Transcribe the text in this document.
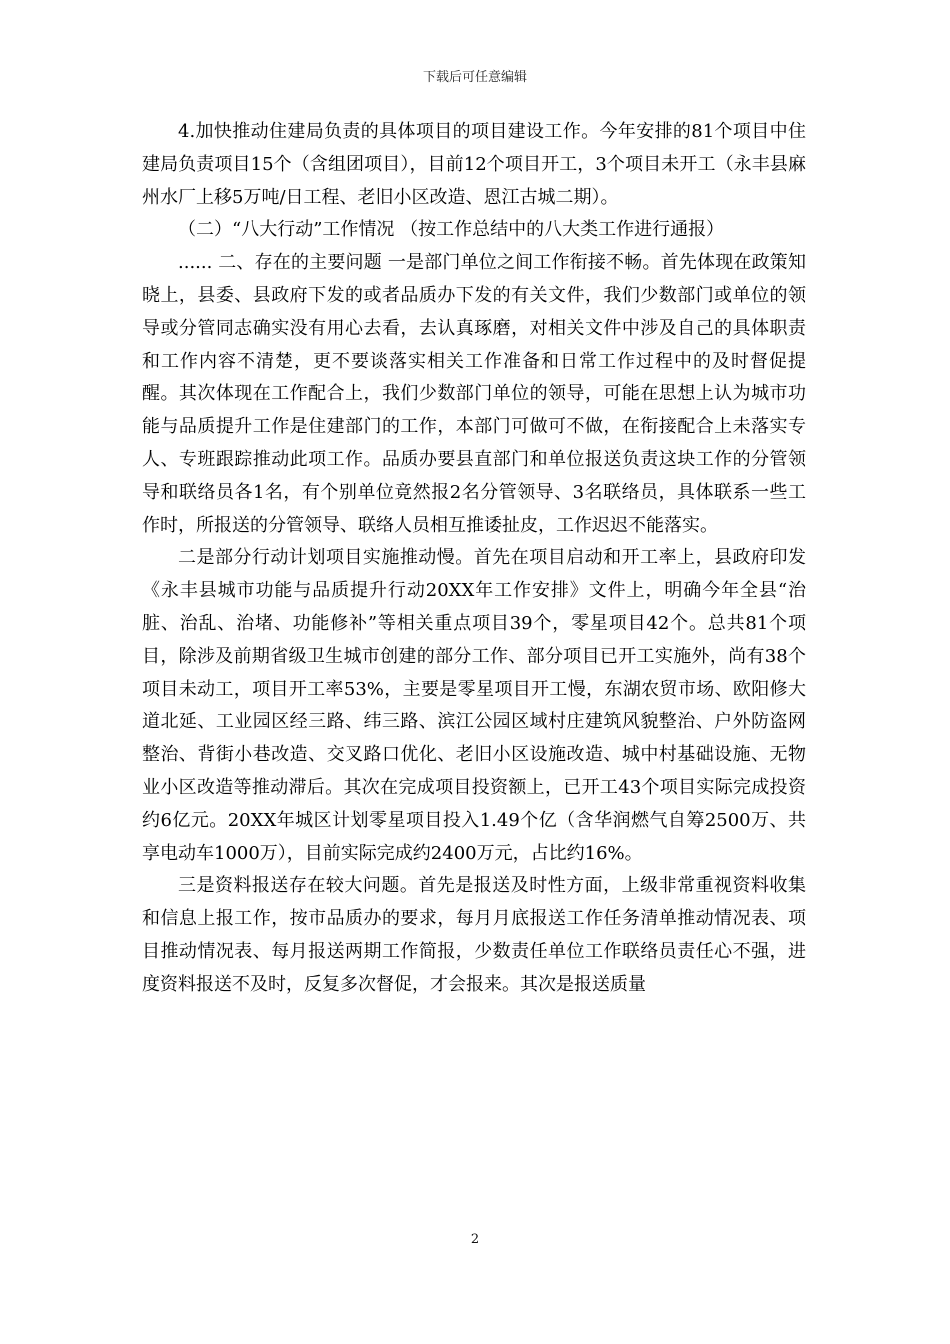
下载后可任意编辑

4.加快推动住建局负责的具体项目的项目建设工作。今年安排的81个项目中住建局负责项目15个（含组团项目），目前12个项目开工，3个项目未开工（永丰县麻州水厂上移5万吨/日工程、老旧小区改造、恩江古城二期）。

（二）“八大行动”工作情况 （按工作总结中的八大类工作进行通报）

...... 二、存在的主要问题 一是部门单位之间工作衔接不畅。首先体现在政策知晓上，县委、县政府下发的或者品质办下发的有关文件，我们少数部门或单位的领导或分管同志确实没有用心去看，去认真琢磨，对相关文件中涉及自己的具体职责和工作内容不清楚，更不要谈落实相关工作准备和日常工作过程中的及时督促提醒。其次体现在工作配合上，我们少数部门单位的领导，可能在思想上认为城市功能与品质提升工作是住建部门的工作，本部门可做可不做，在衔接配合上未落实专人、专班跟踪推动此项工作。品质办要县直部门和单位报送负责这块工作的分管领导和联络员各1名，有个别单位竟然报2名分管领导、3名联络员，具体联系一些工作时，所报送的分管领导、联络人员相互推诿扯皮，工作迟迟不能落实。

二是部分行动计划项目实施推动慢。首先在项目启动和开工率上，县政府印发《永丰县城市功能与品质提升行动20XX年工作安排》文件上，明确今年全县“治脏、治乱、治堵、功能修补”等相关重点项目39个，零星项目42个。总共81个项目，除涉及前期省级卫生城市创建的部分工作、部分项目已开工实施外，尚有38个项目未动工，项目开工率53%，主要是零星项目开工慢，东湖农贸市场、欧阳修大道北延、工业园区经三路、纬三路、滨江公园区域村庄建筑风貌整治、户外防盗网整治、背街小巷改造、交叉路口优化、老旧小区设施改造、城中村基础设施、无物业小区改造等推动滞后。其次在完成项目投资额上，已开工43个项目实际完成投资约6亿元。20XX年城区计划零星项目投入1.49个亿（含华润燃气自筹2500万、共享电动车1000万），目前实际完成约2400万元，占比约16%。

三是资料报送存在较大问题。首先是报送及时性方面，上级非常重视资料收集和信息上报工作，按市品质办的要求，每月月底报送工作任务清单推动情况表、项目推动情况表、每月报送两期工作简报，少数责任单位工作联络员责任心不强，进度资料报送不及时，反复多次督促，才会报来。其次是报送质量

2
